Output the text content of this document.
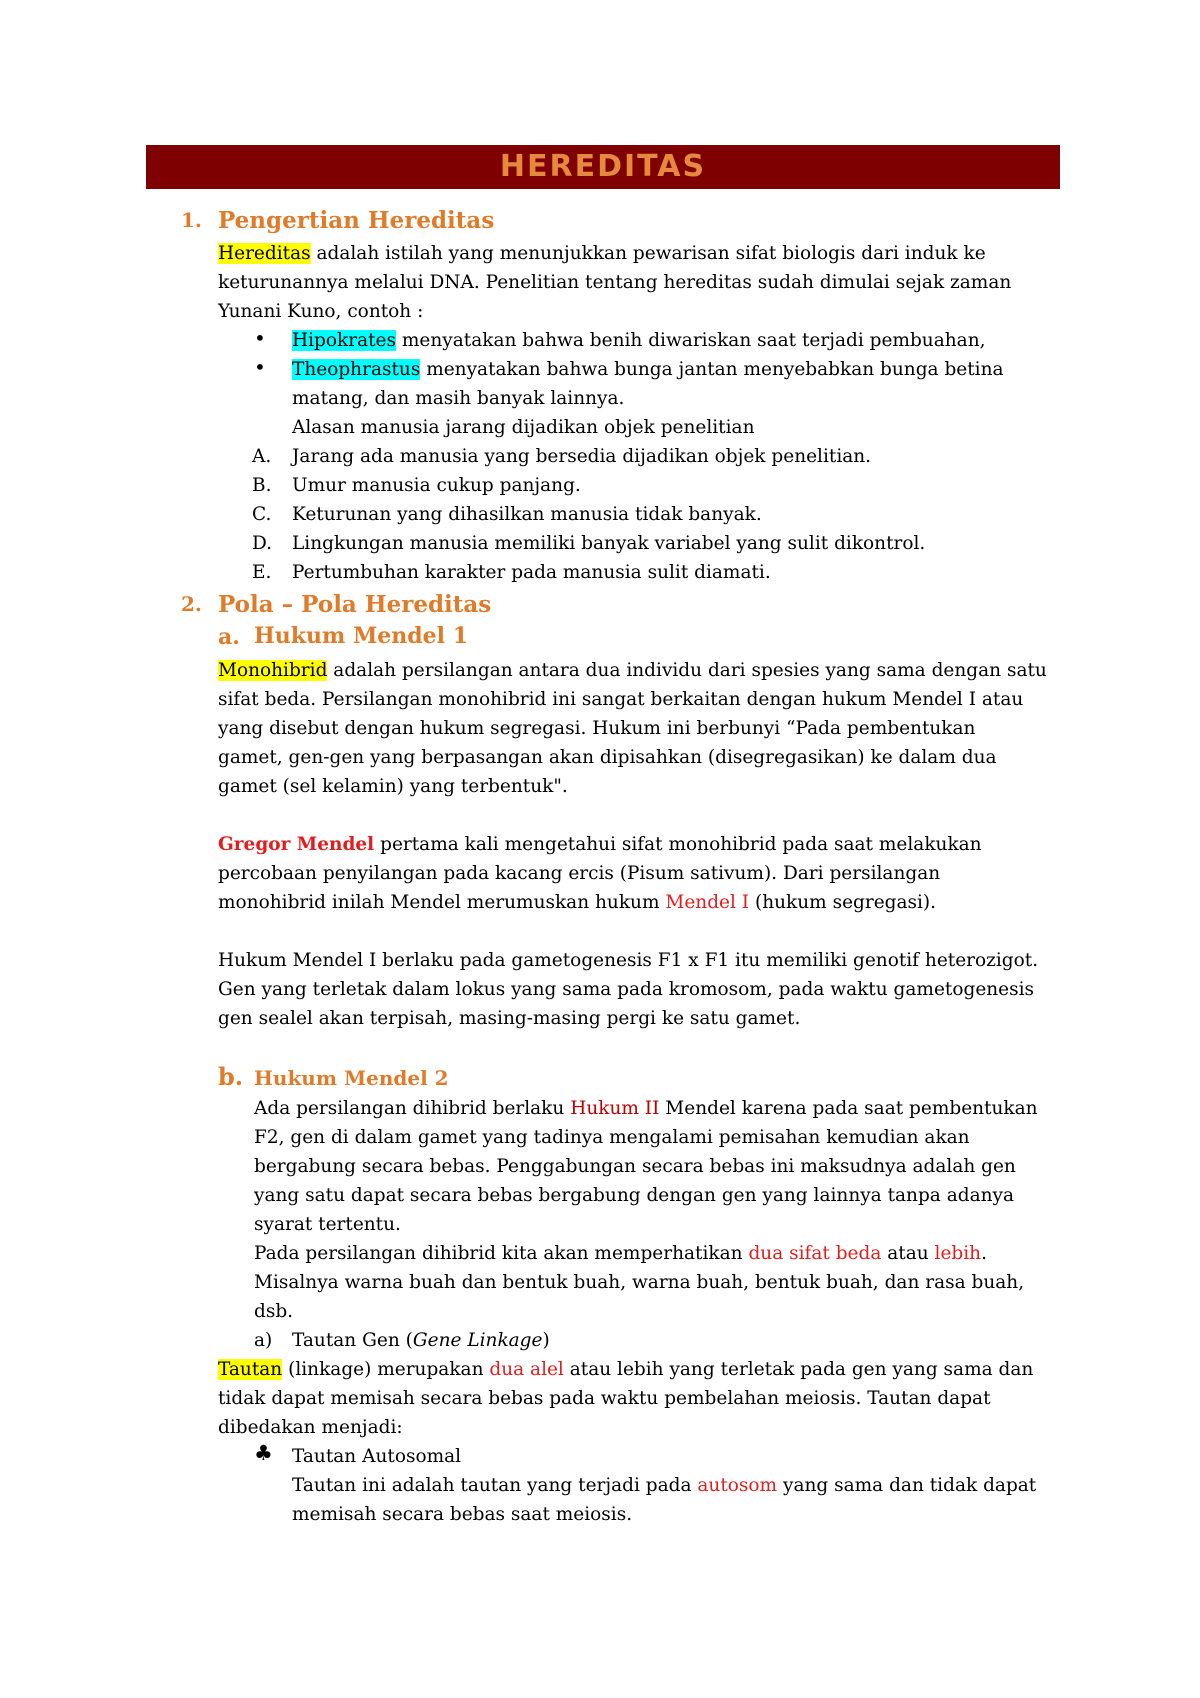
HEREDITAS
1. Pengertian Hereditas
Hereditas adalah istilah yang menunjukkan pewarisan sifat biologis dari induk ke
keturunannya melalui DNA. Penelitian tentang hereditas sudah dimulai sejak zaman
Yunani Kuno, contoh :
• Hipokrates menyatakan bahwa benih diwariskan saat terjadi pembuahan,
• Theophrastus menyatakan bahwa bunga jantan menyebabkan bunga betina
matang, dan masih banyak lainnya.
Alasan manusia jarang dijadikan objek penelitian
A. Jarang ada manusia yang bersedia dijadikan objek penelitian.
B. Umur manusia cukup panjang.
C. Keturunan yang dihasilkan manusia tidak banyak.
D. Lingkungan manusia memiliki banyak variabel yang sulit dikontrol.
E. Pertumbuhan karakter pada manusia sulit diamati.
2. Pola – Pola Hereditas
a. Hukum Mendel 1
Monohibrid adalah persilangan antara dua individu dari spesies yang sama dengan satu
sifat beda. Persilangan monohibrid ini sangat berkaitan dengan hukum Mendel I atau
yang disebut dengan hukum segregasi. Hukum ini berbunyi “Pada pembentukan
gamet, gen-gen yang berpasangan akan dipisahkan (disegregasikan) ke dalam dua
gamet (sel kelamin) yang terbentuk".
Gregor Mendel pertama kali mengetahui sifat monohibrid pada saat melakukan
percobaan penyilangan pada kacang ercis (Pisum sativum). Dari persilangan
monohibrid inilah Mendel merumuskan hukum Mendel I (hukum segregasi).
Hukum Mendel I berlaku pada gametogenesis F1 x F1 itu memiliki genotif heterozigot.
Gen yang terletak dalam lokus yang sama pada kromosom, pada waktu gametogenesis
gen sealel akan terpisah, masing-masing pergi ke satu gamet.
b. Hukum Mendel 2
Ada persilangan dihibrid berlaku Hukum II Mendel karena pada saat pembentukan
F2, gen di dalam gamet yang tadinya mengalami pemisahan kemudian akan
bergabung secara bebas. Penggabungan secara bebas ini maksudnya adalah gen
yang satu dapat secara bebas bergabung dengan gen yang lainnya tanpa adanya
syarat tertentu.
Pada persilangan dihibrid kita akan memperhatikan dua sifat beda atau lebih.
Misalnya warna buah dan bentuk buah, warna buah, bentuk buah, dan rasa buah,
dsb.
a) Tautan Gen (Gene Linkage)
Tautan (linkage) merupakan dua alel atau lebih yang terletak pada gen yang sama dan
tidak dapat memisah secara bebas pada waktu pembelahan meiosis. Tautan dapat
dibedakan menjadi:
♣ Tautan Autosomal
Tautan ini adalah tautan yang terjadi pada autosom yang sama dan tidak dapat
memisah secara bebas saat meiosis.
